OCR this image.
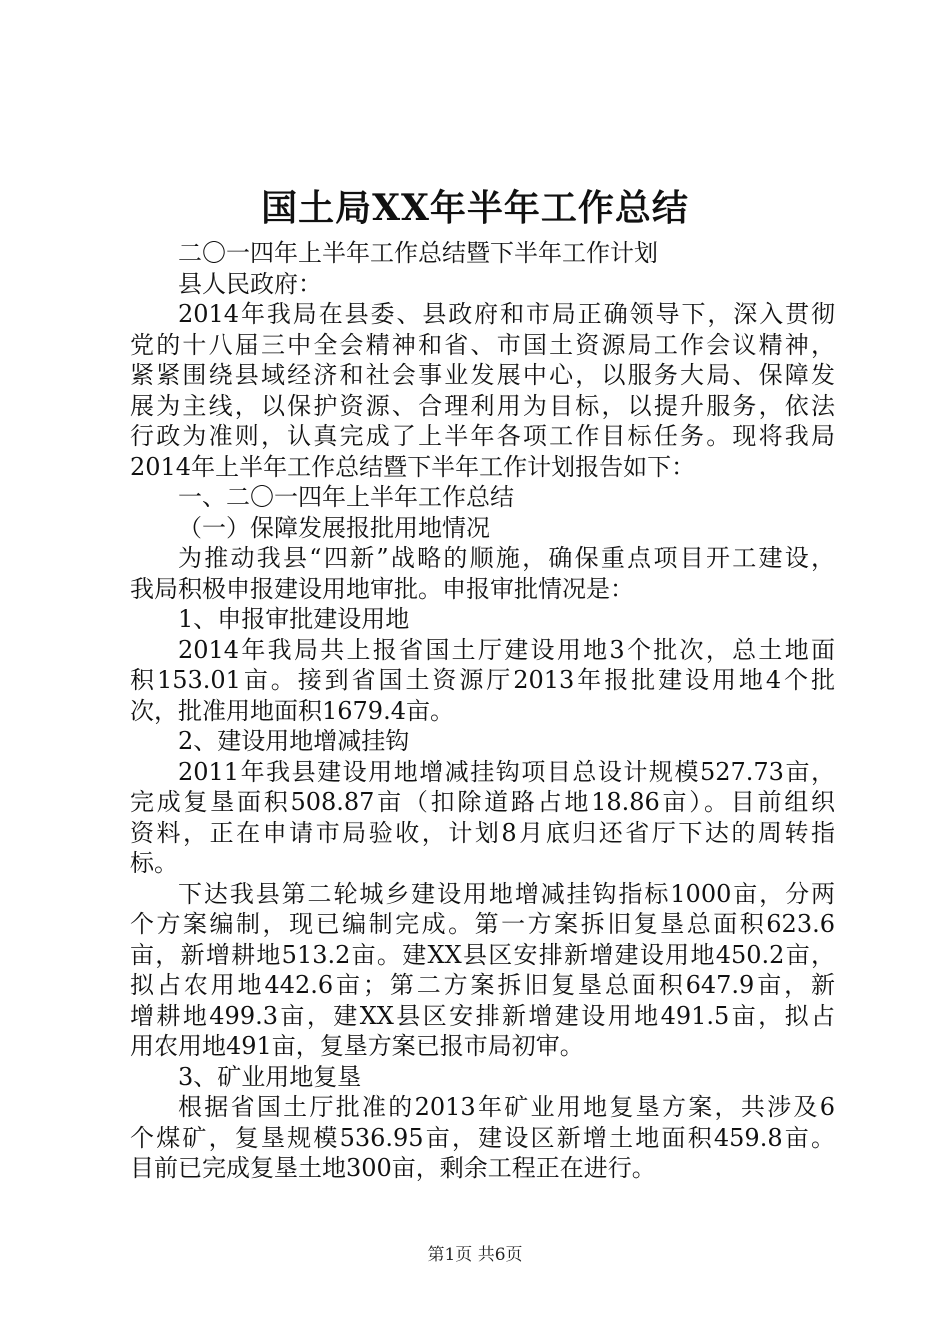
国土局XX年半年工作总结

二〇一四年上半年工作总结暨下半年工作计划

县人民政府：

2014年我局在县委、县政府和市局正确领导下，深入贯彻

党的十八届三中全会精神和省、市国土资源局工作会议精神，

紧紧围绕县域经济和社会事业发展中心，以服务大局、保障发

展为主线，以保护资源、合理利用为目标，以提升服务，依法

行政为准则，认真完成了上半年各项工作目标任务。现将我局

2014年上半年工作总结暨下半年工作计划报告如下：

一、二〇一四年上半年工作总结

（一）保障发展报批用地情况

为推动我县“四新”战略的顺施，确保重点项目开工建设，

我局积极申报建设用地审批。申报审批情况是：

1、申报审批建设用地

2014年我局共上报省国土厅建设用地3个批次，总土地面

积153.01亩。接到省国土资源厅2013年报批建设用地4个批

次，批准用地面积1679.4亩。

2、建设用地增减挂钩

2011年我县建设用地增减挂钩项目总设计规模527.73亩，

完成复垦面积508.87亩（扣除道路占地18.86亩）。目前组织

资料，正在申请市局验收，计划8月底归还省厅下达的周转指

标。

下达我县第二轮城乡建设用地增减挂钩指标1000亩，分两

个方案编制，现已编制完成。第一方案拆旧复垦总面积623.6

亩，新增耕地513.2亩。建XX县区安排新增建设用地450.2亩，

拟占农用地442.6亩；第二方案拆旧复垦总面积647.9亩，新

增耕地499.3亩，建XX县区安排新增建设用地491.5亩，拟占

用农用地491亩，复垦方案已报市局初审。

3、矿业用地复垦

根据省国土厅批准的2013年矿业用地复垦方案，共涉及6

个煤矿，复垦规模536.95亩，建设区新增土地面积459.8亩。

目前已完成复垦土地300亩，剩余工程正在进行。

第1页 共6页
